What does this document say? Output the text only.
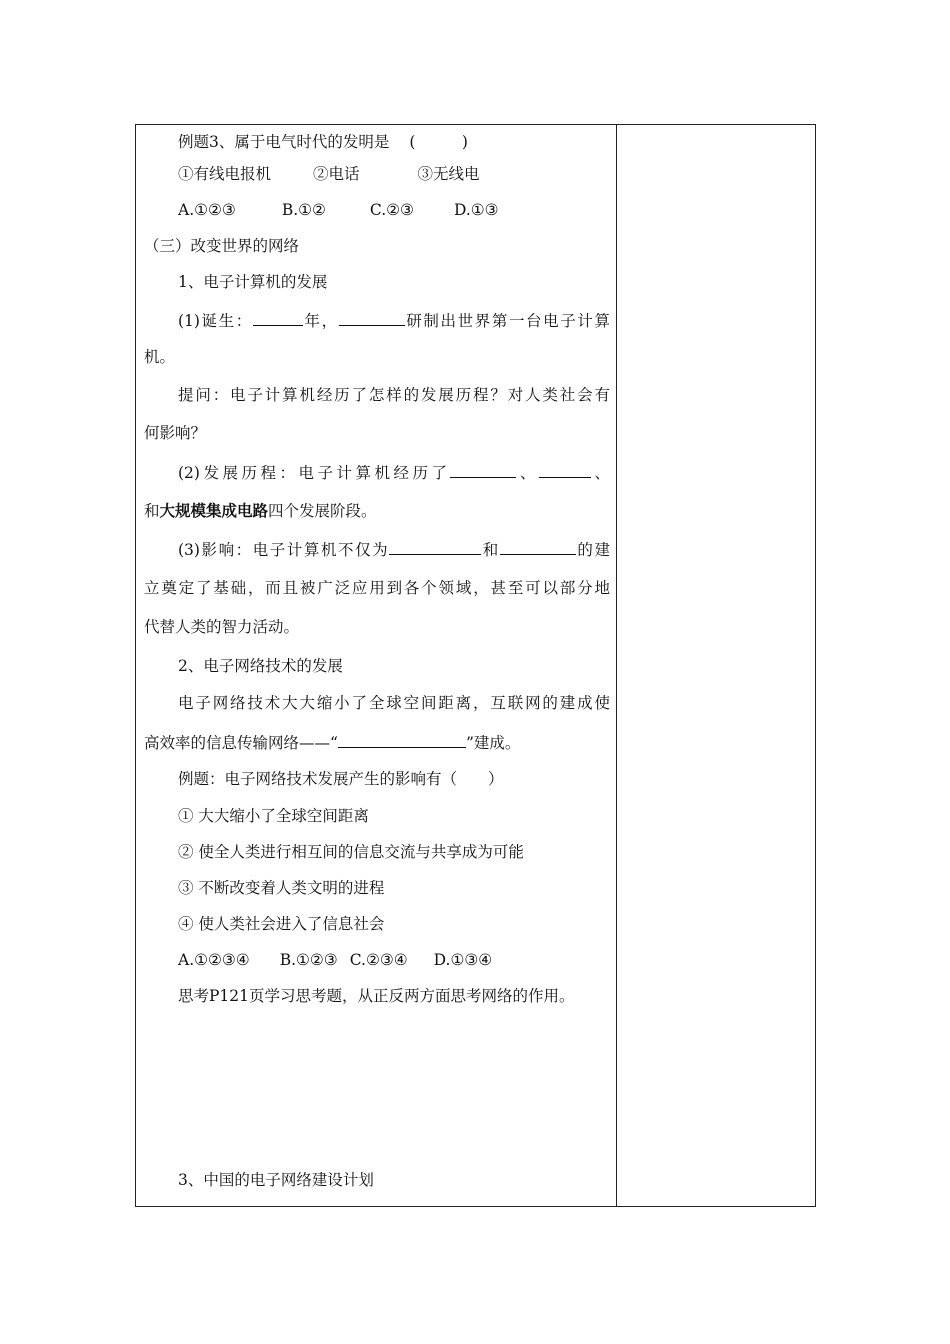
例题3、属于电气时代的发明是 (　　　)
①有线电报机	②电话	③无线电
A.①②③	B.①②	C.②③	D.①③
（三）改变世界的网络
1、电子计算机的发展
(1)诞生：	年，	研制出世界第一台电子计算
机。
提问：电子计算机经历了怎样的发展历程？对人类社会有
何影响？
(2)发展历程：电子计算机经历了	、	、
和大规模集成电路四个发展阶段。
(3)影响：电子计算机不仅为	和	的建
立奠定了基础，而且被广泛应用到各个领域，甚至可以部分地
代替人类的智力活动。
2、电子网络技术的发展
电子网络技术大大缩小了全球空间距离，互联网的建成使
高效率的信息传输网络——“	”建成。
例题：电子网络技术发展产生的影响有（　　）
① 大大缩小了全球空间距离
② 使全人类进行相互间的信息交流与共享成为可能
③ 不断改变着人类文明的进程
④ 使人类社会进入了信息社会
A.①②③④ B.①②③ C.②③④ D.①③④
思考P121页学习思考题，从正反两方面思考网络的作用。
3、中国的电子网络建设计划
